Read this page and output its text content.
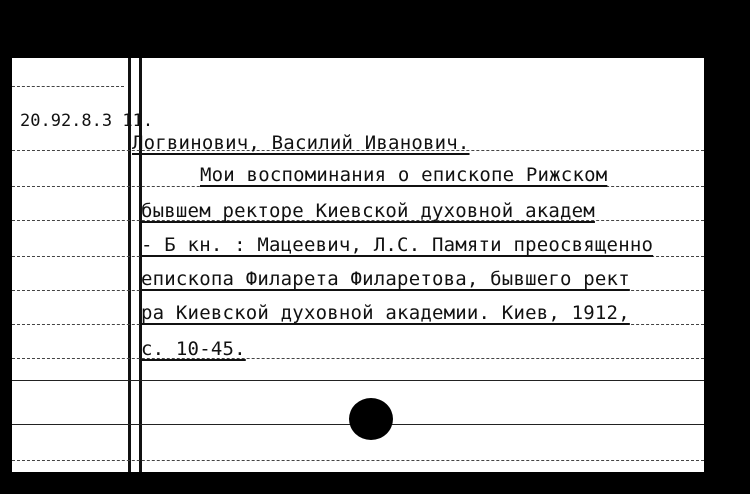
20.92.8.3 11.
Логвинович, Василий Иванович.
Мои воспоминания о епископе Рижском
бывшем ректоре Киевской духовной академ
- Б кн. : Мацеевич, Л.С. Памяти преосвященно
епископа Филарета Филаретова, бывшего рект
ра Киевской духовной академии. Киев, 1912,
с. 10-45.
